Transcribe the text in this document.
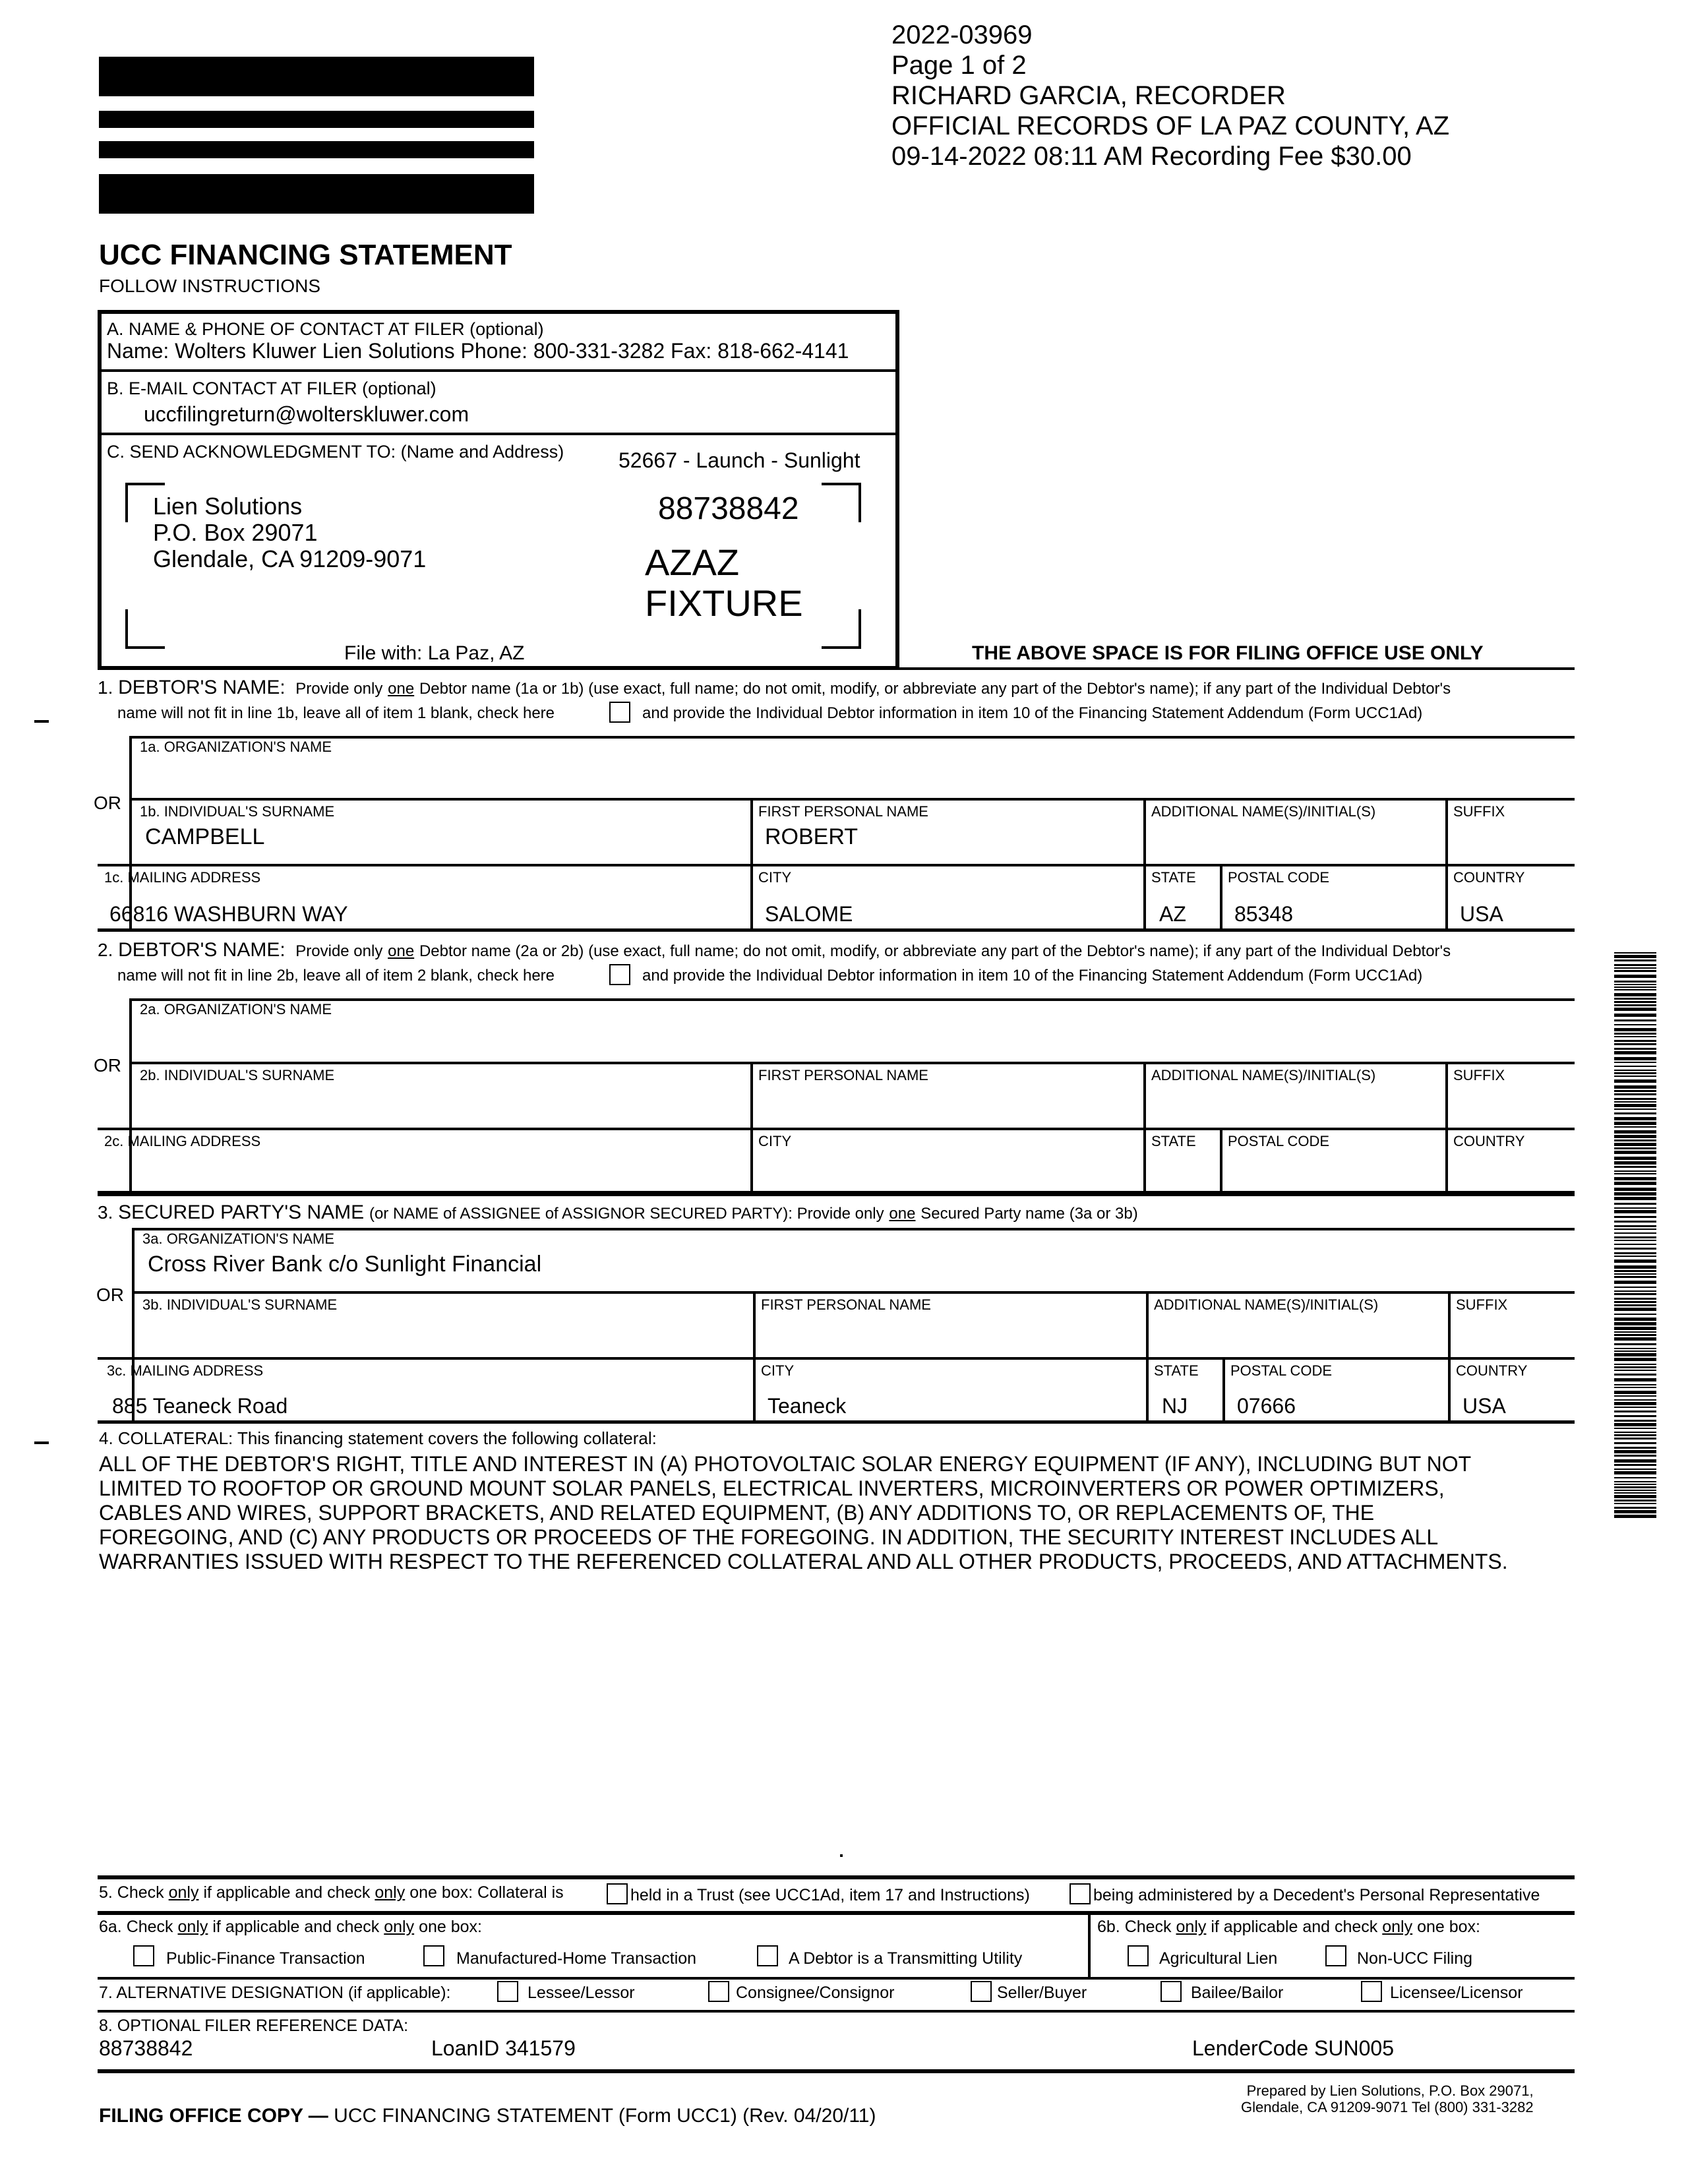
2022-03969
Page 1 of 2
RICHARD GARCIA, RECORDER
OFFICIAL RECORDS OF LA PAZ COUNTY, AZ
09-14-2022 08:11 AM Recording Fee $30.00
UCC FINANCING STATEMENT
FOLLOW INSTRUCTIONS
A. NAME & PHONE OF CONTACT AT FILER (optional)
Name: Wolters Kluwer Lien Solutions Phone: 800-331-3282 Fax: 818-662-4141
B. E-MAIL CONTACT AT FILER (optional)
uccfilingreturn@wolterskluwer.com
C. SEND ACKNOWLEDGMENT TO: (Name and Address)	52667 - Launch - Sunlight
Lien Solutions
P.O. Box 29071
Glendale, CA 91209-9071
88738842
AZAZ
FIXTURE
File with: La Paz, AZ	THE ABOVE SPACE IS FOR FILING OFFICE USE ONLY
1. DEBTOR'S NAME: Provide only one Debtor name (1a or 1b) (use exact, full name; do not omit, modify, or abbreviate any part of the Debtor's name); if any part of the Individual Debtor's
name will not fit in line 1b, leave all of item 1 blank, check here	and provide the Individual Debtor information in item 10 of the Financing Statement Addendum (Form UCC1Ad)
1a. ORGANIZATION'S NAME
OR 1b. INDIVIDUAL'S SURNAME
CAMPBELL
FIRST PERSONAL NAME
ROBERT
ADDITIONAL NAME(S)/INITIAL(S)	SUFFIX
1c. MAILING ADDRESS
66816 WASHBURN WAY
CITY
SALOME
STATE
AZ
POSTAL CODE
85348
COUNTRY
USA
2. DEBTOR'S NAME: Provide only one Debtor name (2a or 2b) (use exact, full name; do not omit, modify, or abbreviate any part of the Debtor's name); if any part of the Individual Debtor's
name will not fit in line 2b, leave all of item 2 blank, check here	and provide the Individual Debtor information in item 10 of the Financing Statement Addendum (Form UCC1Ad)
2a. ORGANIZATION'S NAME
OR 2b. INDIVIDUAL'S SURNAME	FIRST PERSONAL NAME	ADDITIONAL NAME(S)/INITIAL(S)	SUFFIX
2c. MAILING ADDRESS	CITY	STATE POSTAL CODE	COUNTRY
3. SECURED PARTY'S NAME (or NAME of ASSIGNEE of ASSIGNOR SECURED PARTY): Provide only one Secured Party name (3a or 3b)
3a. ORGANIZATION'S NAME
Cross River Bank c/o Sunlight Financial
OR 3b. INDIVIDUAL'S SURNAME	FIRST PERSONAL NAME	ADDITIONAL NAME(S)/INITIAL(S)	SUFFIX
3c. MAILING ADDRESS
885 Teaneck Road
CITY
Teaneck
STATE
NJ
POSTAL CODE
07666
COUNTRY
USA
4. COLLATERAL: This financing statement covers the following collateral:
ALL OF THE DEBTOR'S RIGHT, TITLE AND INTEREST IN (A) PHOTOVOLTAIC SOLAR ENERGY EQUIPMENT (IF ANY), INCLUDING BUT NOT
LIMITED TO ROOFTOP OR GROUND MOUNT SOLAR PANELS, ELECTRICAL INVERTERS, MICROINVERTERS OR POWER OPTIMIZERS,
CABLES AND WIRES, SUPPORT BRACKETS, AND RELATED EQUIPMENT, (B) ANY ADDITIONS TO, OR REPLACEMENTS OF, THE
FOREGOING, AND (C) ANY PRODUCTS OR PROCEEDS OF THE FOREGOING. IN ADDITION, THE SECURITY INTEREST INCLUDES ALL
WARRANTIES ISSUED WITH RESPECT TO THE REFERENCED COLLATERAL AND ALL OTHER PRODUCTS, PROCEEDS, AND ATTACHMENTS.
5. Check only if applicable and check only one box: Collateral is	held in a Trust (see UCC1Ad, item 17 and Instructions)	being administered by a Decedent's Personal Representative
6a. Check only if applicable and check only one box:
Public-Finance Transaction	Manufactured-Home Transaction	A Debtor is a Transmitting Utility
6b. Check only if applicable and check only one box:
Agricultural Lien	Non-UCC Filing
7. ALTERNATIVE DESIGNATION (if applicable):	Lessee/Lessor	Consignee/Consignor	Seller/Buyer	Bailee/Bailor	Licensee/Licensor
8. OPTIONAL FILER REFERENCE DATA:
88738842	LoanID 341579	LenderCode SUN005
FILING OFFICE COPY — UCC FINANCING STATEMENT (Form UCC1) (Rev. 04/20/11)
Prepared by Lien Solutions, P.O. Box 29071,
Glendale, CA 91209-9071 Tel (800) 331-3282
